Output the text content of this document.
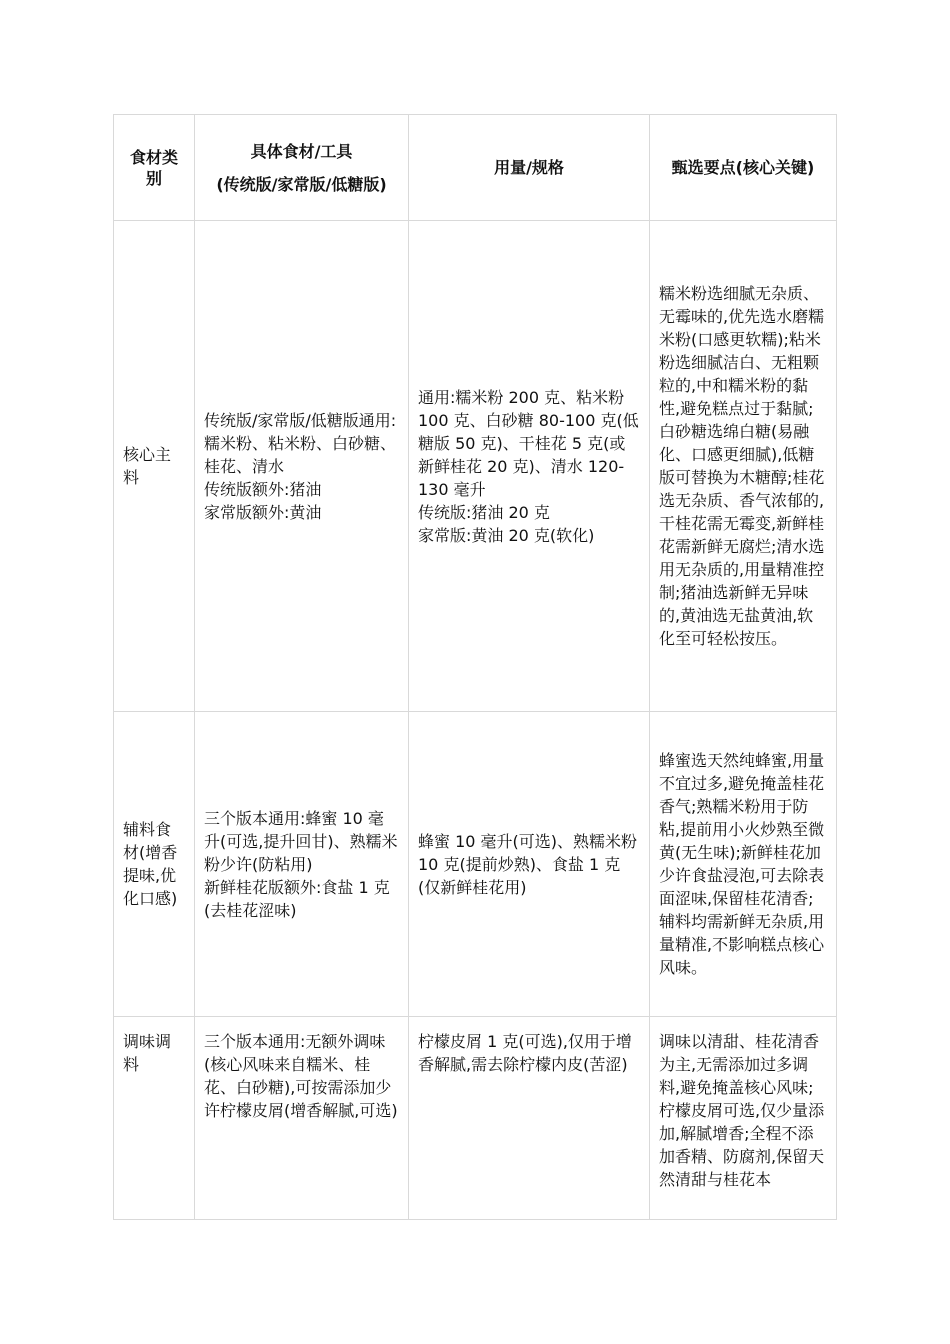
食材类别	具体食材/工具
(传统版/家常版/低糖版)	用量/规格	甄选要点(核心关键)
核心主料	传统版/家常版/低糖版通用:糯米粉、粘米粉、白砂糖、桂花、清水
传统版额外:猪油
家常版额外:黄油	通用:糯米粉 200 克、粘米粉 100 克、白砂糖 80-100 克(低糖版 50 克)、干桂花 5 克(或新鲜桂花 20 克)、清水 120-130 毫升
传统版:猪油 20 克
家常版:黄油 20 克(软化)	糯米粉选细腻无杂质、无霉味的,优先选水磨糯米粉(口感更软糯);粘米粉选细腻洁白、无粗颗粒的,中和糯米粉的黏性,避免糕点过于黏腻;白砂糖选绵白糖(易融化、口感更细腻),低糖版可替换为木糖醇;桂花选无杂质、香气浓郁的,干桂花需无霉变,新鲜桂花需新鲜无腐烂;清水选用无杂质的,用量精准控制;猪油选新鲜无异味的,黄油选无盐黄油,软化至可轻松按压。
辅料食材(增香提味,优化口感)	三个版本通用:蜂蜜 10 毫升(可选,提升回甘)、熟糯米粉少许(防粘用)
新鲜桂花版额外:食盐 1 克(去桂花涩味)	蜂蜜 10 毫升(可选)、熟糯米粉 10 克(提前炒熟)、食盐 1 克(仅新鲜桂花用)	蜂蜜选天然纯蜂蜜,用量不宜过多,避免掩盖桂花香气;熟糯米粉用于防粘,提前用小火炒熟至微黄(无生味);新鲜桂花加少许食盐浸泡,可去除表面涩味,保留桂花清香;辅料均需新鲜无杂质,用量精准,不影响糕点核心风味。
调味调料	三个版本通用:无额外调味(核心风味来自糯米、桂花、白砂糖),可按需添加少许柠檬皮屑(增香解腻,可选)	柠檬皮屑 1 克(可选),仅用于增香解腻,需去除柠檬内皮(苦涩)	调味以清甜、桂花清香为主,无需添加过多调料,避免掩盖核心风味;柠檬皮屑可选,仅少量添加,解腻增香;全程不添加香精、防腐剂,保留天然清甜与桂花本
